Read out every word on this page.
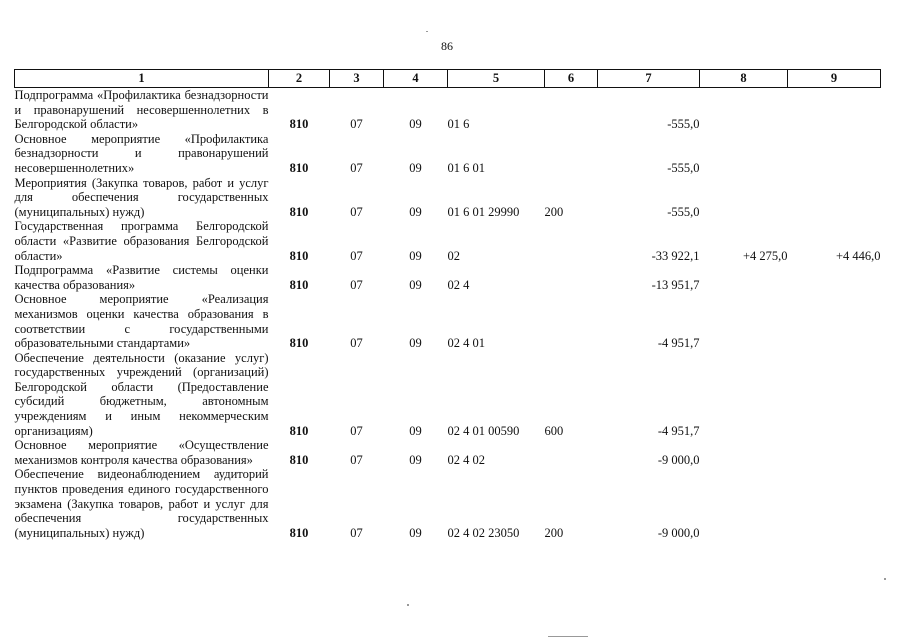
86
1	2	3	4	5	6	7	8	9
Подпрограмма «Профилактика безнадзорности и правонарушений несовершеннолетних в Белгородской области»	810	07	09	01 6		-555,0		
Основное мероприятие «Профилактика безнадзорности и правонарушений несовершеннолетних»	810	07	09	01 6 01		-555,0		
Мероприятия (Закупка товаров, работ и услуг для обеспечения государственных (муниципальных) нужд)	810	07	09	01 6 01 29990	200	-555,0		
Государственная программа Белгородской области «Развитие образования Белгородской области»	810	07	09	02		-33 922,1	+4 275,0	+4 446,0
Подпрограмма «Развитие системы оценки качества образования»	810	07	09	02 4		-13 951,7		
Основное мероприятие «Реализация механизмов оценки качества образования в соответствии с государственными образовательными стандартами»	810	07	09	02 4 01		-4 951,7		
Обеспечение деятельности (оказание услуг) государственных учреждений (организаций) Белгородской области (Предоставление субсидий бюджетным, автономным учреждениям и иным некоммерческим организациям)	810	07	09	02 4 01 00590	600	-4 951,7		
Основное мероприятие «Осуществление механизмов контроля качества образования»	810	07	09	02 4 02		-9 000,0		
Обеспечение видеонаблюдением аудиторий пунктов проведения единого государственного экзамена (Закупка товаров, работ и услуг для обеспечения государственных (муниципальных) нужд)	810	07	09	02 4 02 23050	200	-9 000,0		
